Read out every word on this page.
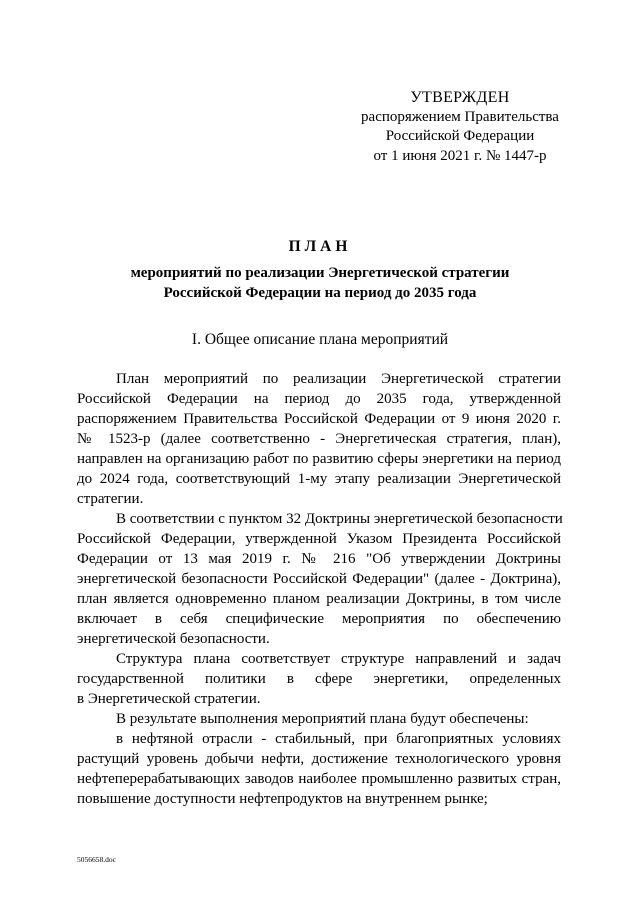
УТВЕРЖДЕН
распоряжением Правительства
Российской Федерации
от 1 июня 2021 г. № 1447-р
ПЛАН
мероприятий по реализации Энергетической стратегии
Российской Федерации на период до 2035 года
I. Общее описание плана мероприятий
План мероприятий по реализации Энергетической стратегии
Российской Федерации на период до 2035 года, утвержденной
распоряжением Правительства Российской Федерации от 9 июня 2020 г.
№ 1523-р (далее соответственно - Энергетическая стратегия, план),
направлен на организацию работ по развитию сферы энергетики на период
до 2024 года, соответствующий 1-му этапу реализации Энергетической
стратегии.
В соответствии с пунктом 32 Доктрины энергетической безопасности
Российской Федерации, утвержденной Указом Президента Российской
Федерации от 13 мая 2019 г. № 216 "Об утверждении Доктрины
энергетической безопасности Российской Федерации" (далее - Доктрина),
план является одновременно планом реализации Доктрины, в том числе
включает в себя специфические мероприятия по обеспечению
энергетической безопасности.
Структура плана соответствует структуре направлений и задач
государственной политики в сфере энергетики, определенных
в Энергетической стратегии.
В результате выполнения мероприятий плана будут обеспечены:
в нефтяной отрасли - стабильный, при благоприятных условиях
растущий уровень добычи нефти, достижение технологического уровня
нефтеперерабатывающих заводов наиболее промышленно развитых стран,
повышение доступности нефтепродуктов на внутреннем рынке;
5056658.doc
